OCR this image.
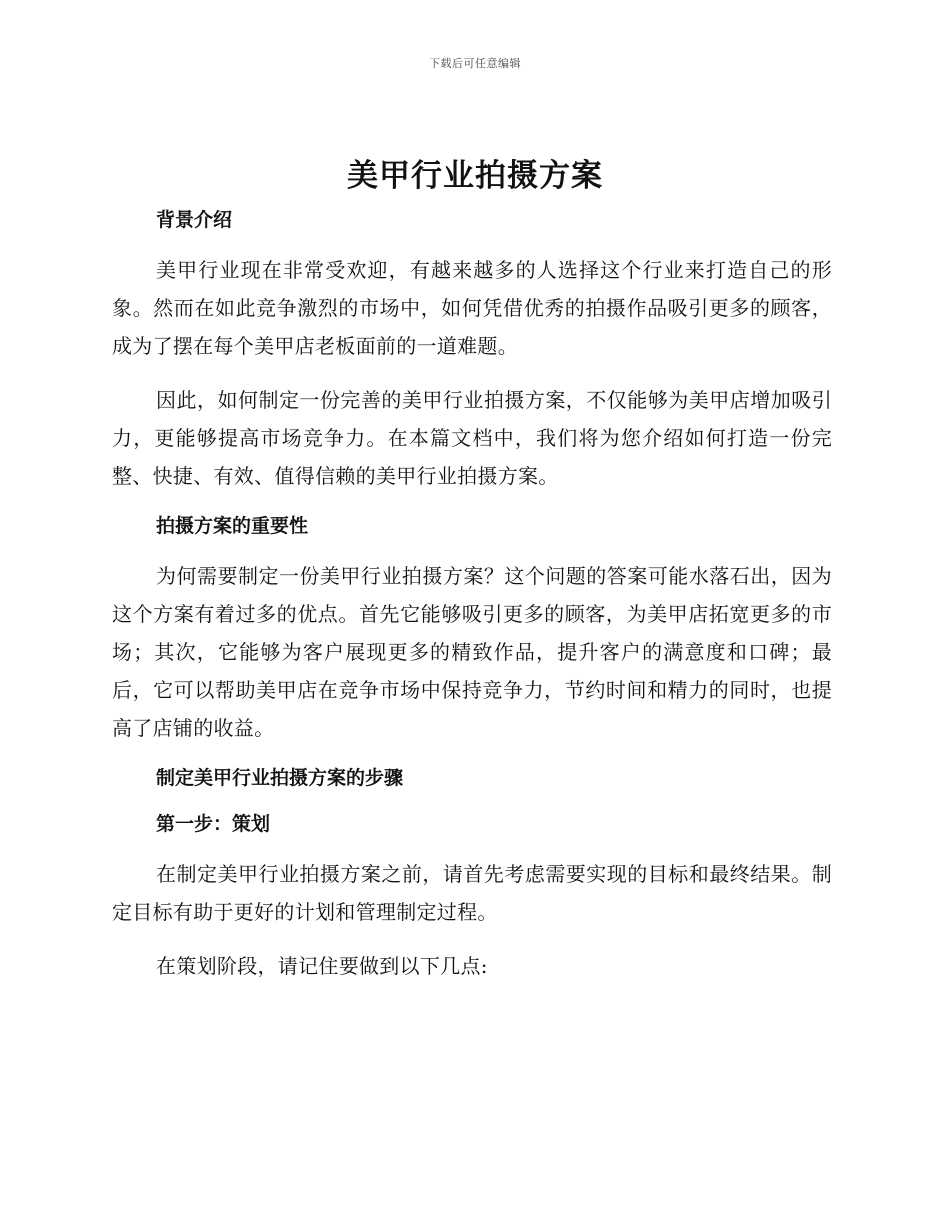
下载后可任意编辑
美甲行业拍摄方案
背景介绍

美甲行业现在非常受欢迎，有越来越多的人选择这个行业来打造自己的形象。然而在如此竞争激烈的市场中，如何凭借优秀的拍摄作品吸引更多的顾客，成为了摆在每个美甲店老板面前的一道难题。

因此，如何制定一份完善的美甲行业拍摄方案，不仅能够为美甲店增加吸引力，更能够提高市场竞争力。在本篇文档中，我们将为您介绍如何打造一份完整、快捷、有效、值得信赖的美甲行业拍摄方案。

拍摄方案的重要性

为何需要制定一份美甲行业拍摄方案？这个问题的答案可能水落石出，因为这个方案有着过多的优点。首先它能够吸引更多的顾客，为美甲店拓宽更多的市场；其次，它能够为客户展现更多的精致作品，提升客户的满意度和口碑；最后，它可以帮助美甲店在竞争市场中保持竞争力，节约时间和精力的同时，也提高了店铺的收益。

制定美甲行业拍摄方案的步骤
第一步：策划

在制定美甲行业拍摄方案之前，请首先考虑需要实现的目标和最终结果。制定目标有助于更好的计划和管理制定过程。

在策划阶段，请记住要做到以下几点:
